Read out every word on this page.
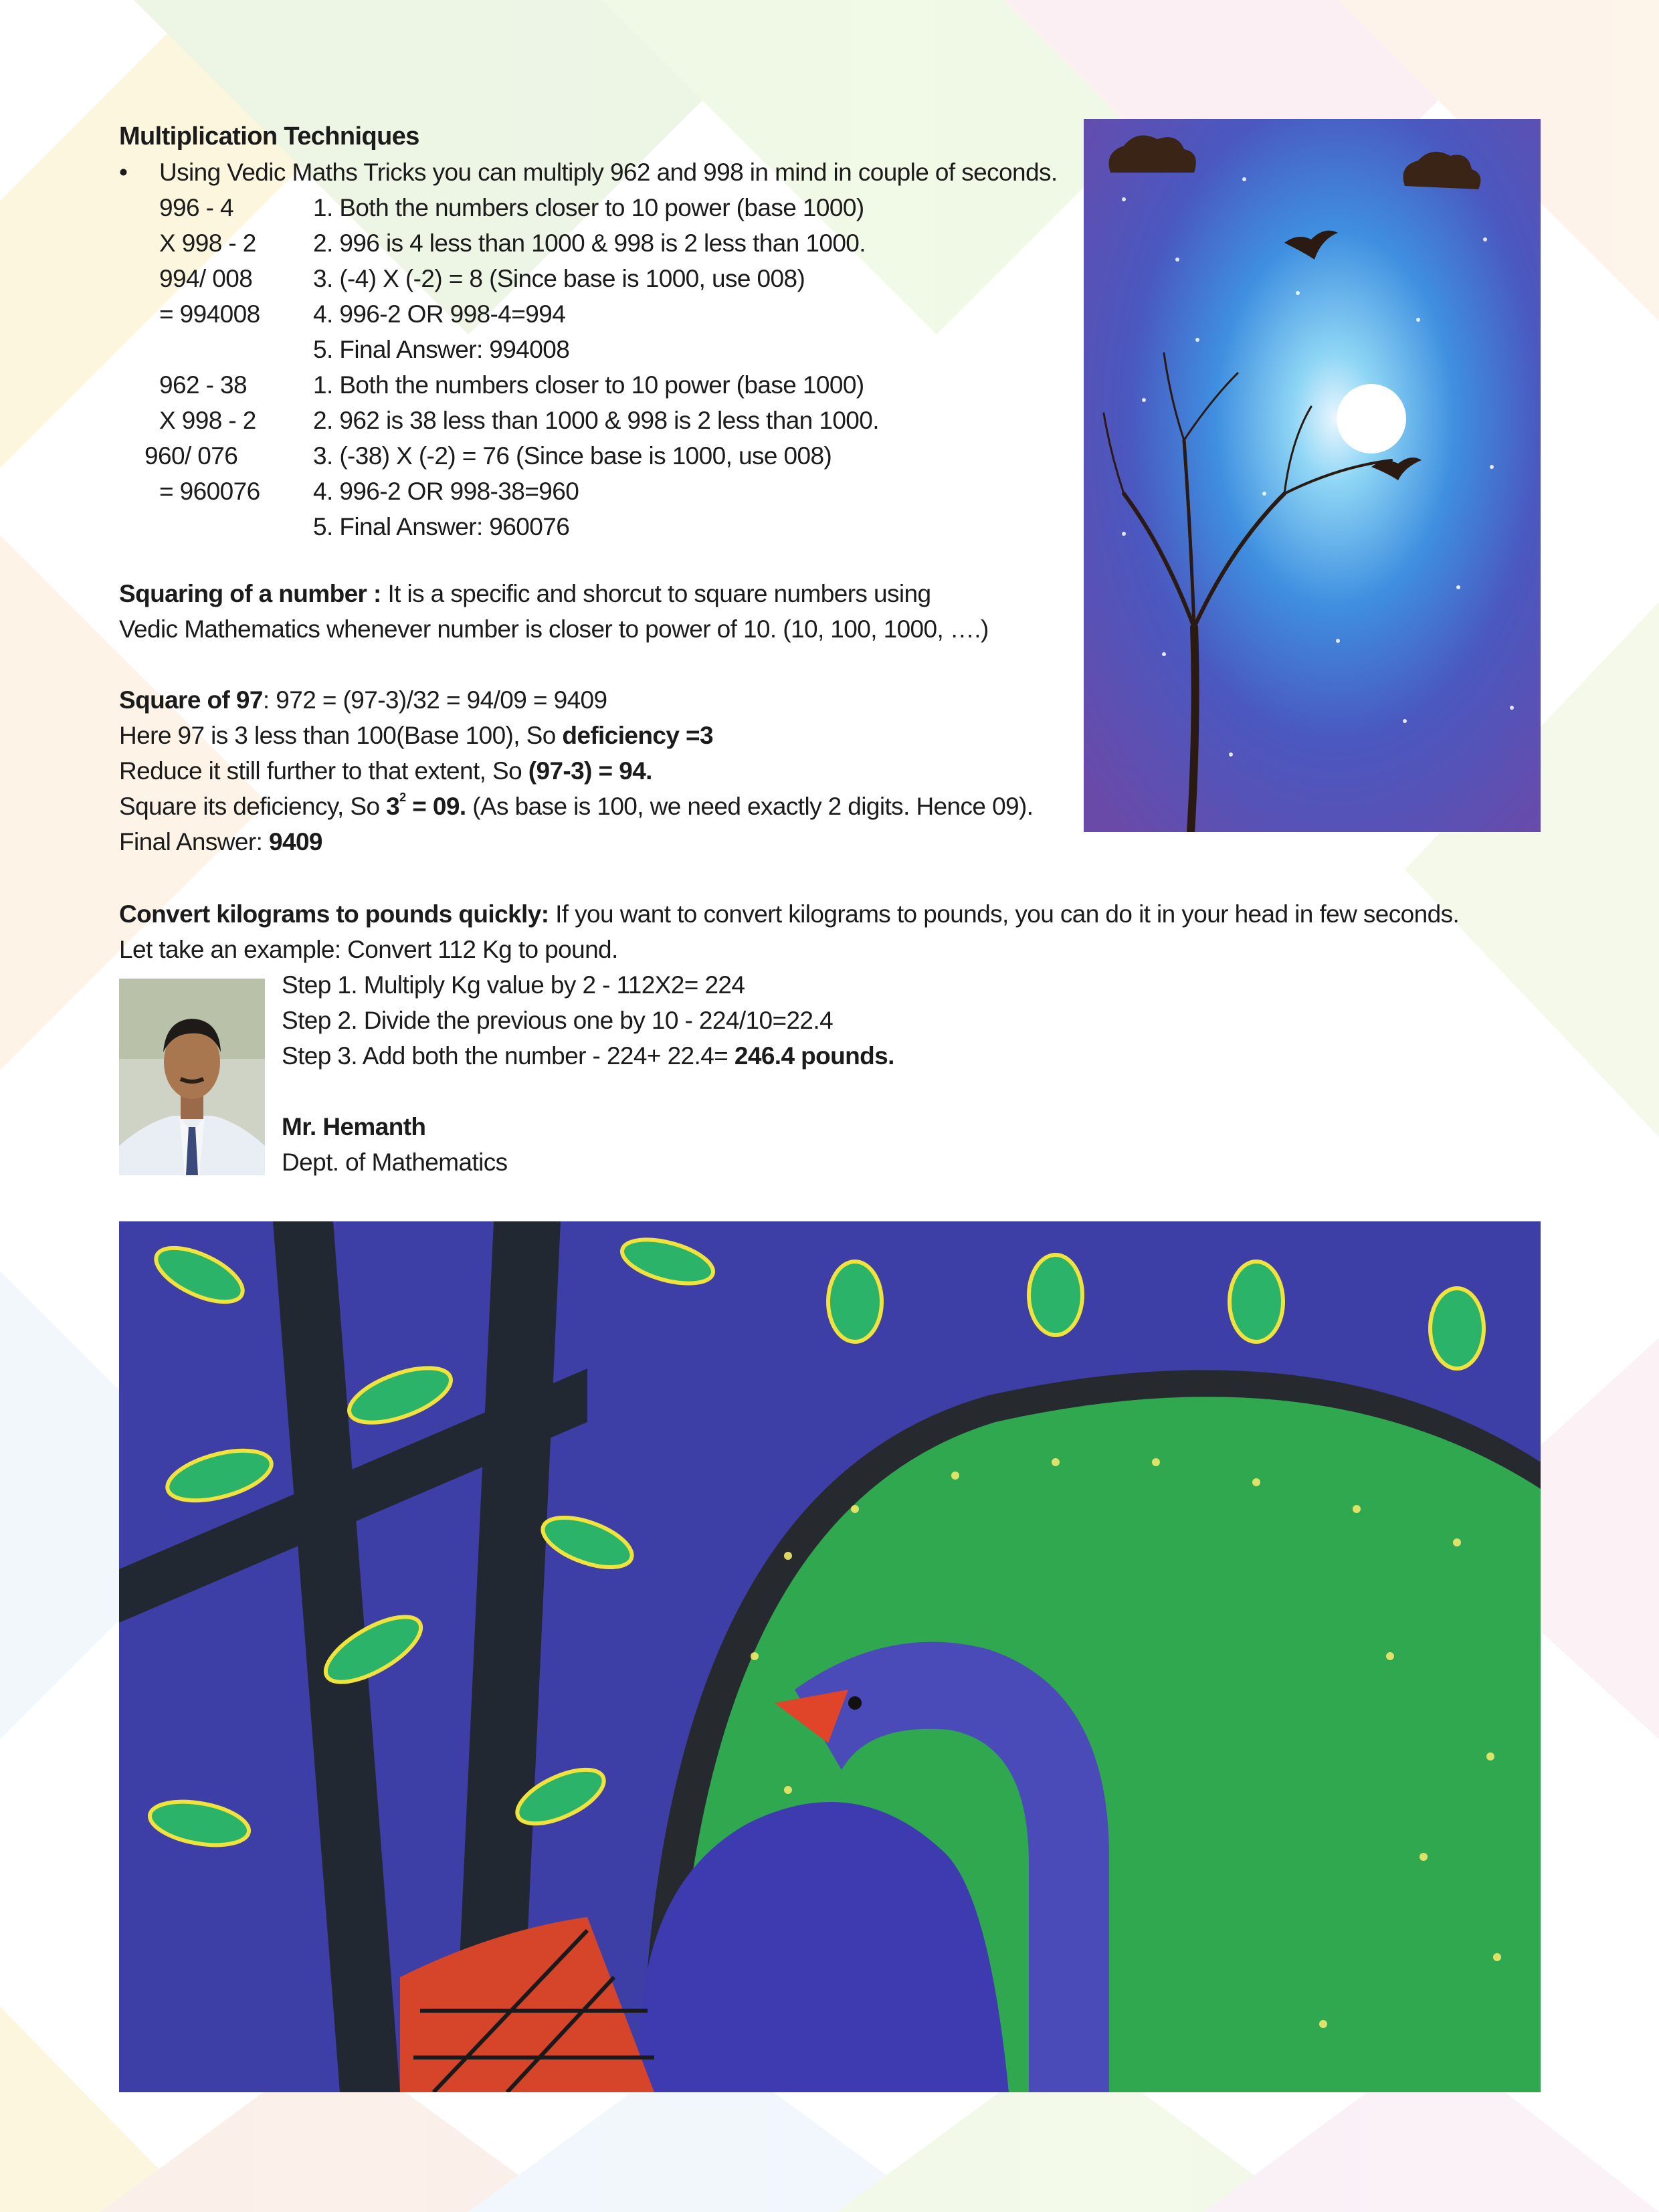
Multiplication Techniques
• Using Vedic Maths Tricks you can multiply 962 and 998 in mind in couple of seconds.
996 - 4	1. Both the numbers closer to 10 power (base 1000)
X 998 - 2	2. 996 is 4 less than 1000 & 998 is 2 less than 1000.
994/ 008	3. (-4) X (-2) = 8 (Since base is 1000, use 008)
= 994008	4. 996-2 OR 998-4=994
5. Final Answer: 994008
962 - 38	1. Both the numbers closer to 10 power (base 1000)
X 998 - 2	2. 962 is 38 less than 1000 & 998 is 2 less than 1000.
960/ 076	3. (-38) X (-2) = 76 (Since base is 1000, use 008)
= 960076	4. 996-2 OR 998-38=960
5. Final Answer: 960076
Squaring of a number : It is a specific and shorcut to square numbers using
Vedic Mathematics whenever number is closer to power of 10. (10, 100, 1000, ….)
Square of 97: 972 = (97-3)/32 = 94/09 = 9409
Here 97 is 3 less than 100(Base 100), So deficiency =3
Reduce it still further to that extent, So (97-3) = 94.
Square its deficiency, So $3^2 = 09$. (As base is 100, we need exactly 2 digits. Hence 09).
Final Answer: 9409
Convert kilograms to pounds quickly: If you want to convert kilograms to pounds, you can do it in your head in few seconds.
Let take an example: Convert 112 Kg to pound.
Step 1. Multiply Kg value by 2 - 112X2= 224
Step 2. Divide the previous one by 10 - 224/10=22.4
Step 3. Add both the number - 224+ 22.4= 246.4 pounds.

Mr. Hemanth
Dept. of Mathematics
